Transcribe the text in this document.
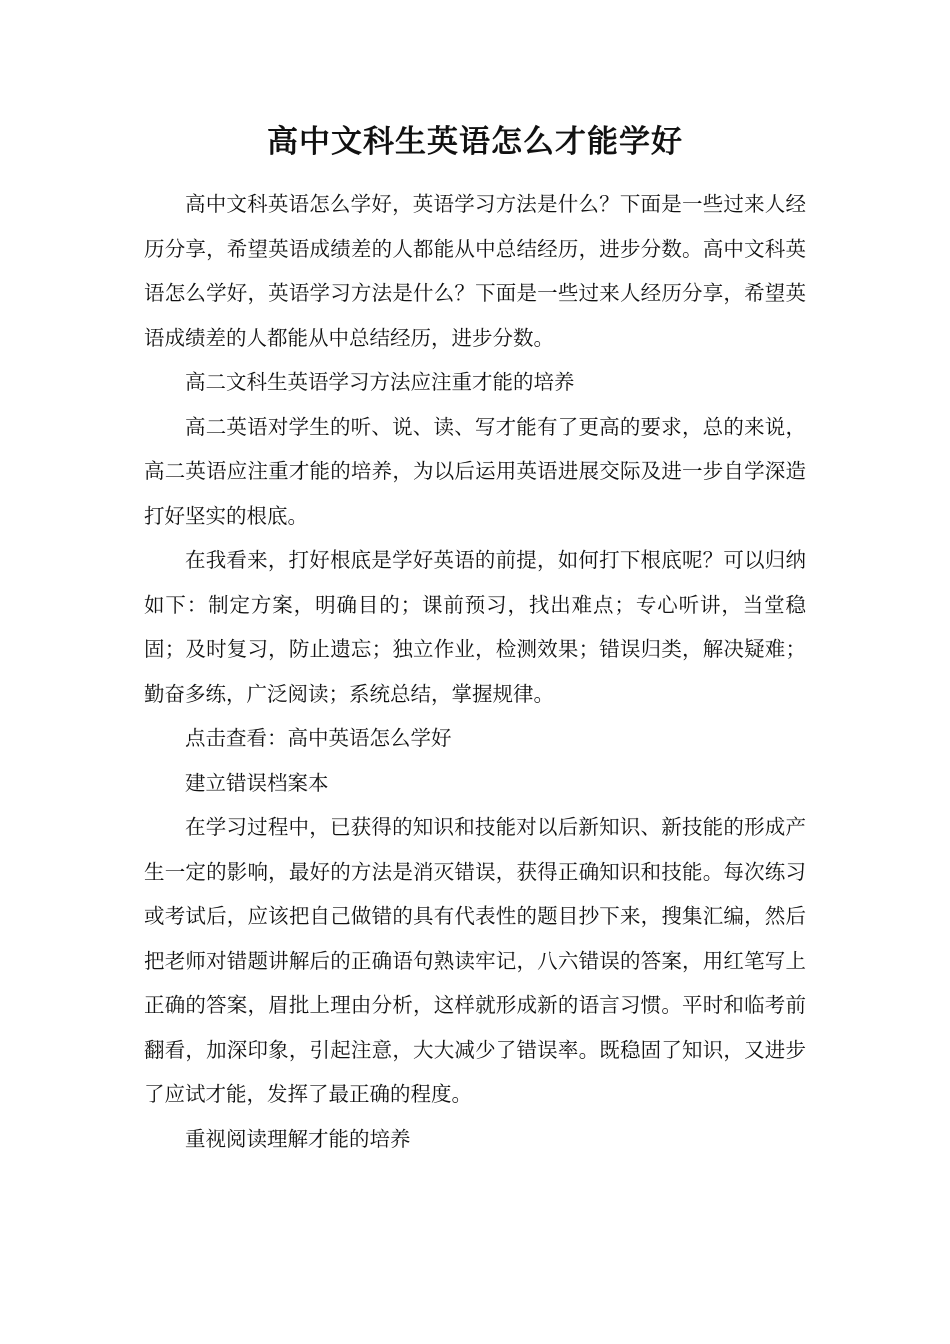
高中文科生英语怎么才能学好

高中文科英语怎么学好，英语学习方法是什么？下面是一些过来人经历分享，希望英语成绩差的人都能从中总结经历，进步分数。高中文科英语怎么学好，英语学习方法是什么？下面是一些过来人经历分享，希望英语成绩差的人都能从中总结经历，进步分数。

高二文科生英语学习方法应注重才能的培养

高二英语对学生的听、说、读、写才能有了更高的要求，总的来说，高二英语应注重才能的培养，为以后运用英语进展交际及进一步自学深造打好坚实的根底。

在我看来，打好根底是学好英语的前提，如何打下根底呢？可以归纳如下：制定方案，明确目的；课前预习，找出难点；专心听讲，当堂稳固；及时复习，防止遗忘；独立作业，检测效果；错误归类，解决疑难；勤奋多练，广泛阅读；系统总结，掌握规律。

点击查看：高中英语怎么学好

建立错误档案本

在学习过程中，已获得的知识和技能对以后新知识、新技能的形成产生一定的影响，最好的方法是消灭错误，获得正确知识和技能。每次练习或考试后，应该把自己做错的具有代表性的题目抄下来，搜集汇编，然后把老师对错题讲解后的正确语句熟读牢记，八六错误的答案，用红笔写上正确的答案，眉批上理由分析，这样就形成新的语言习惯。平时和临考前翻看，加深印象，引起注意，大大减少了错误率。既稳固了知识，又进步了应试才能，发挥了最正确的程度。

重视阅读理解才能的培养
